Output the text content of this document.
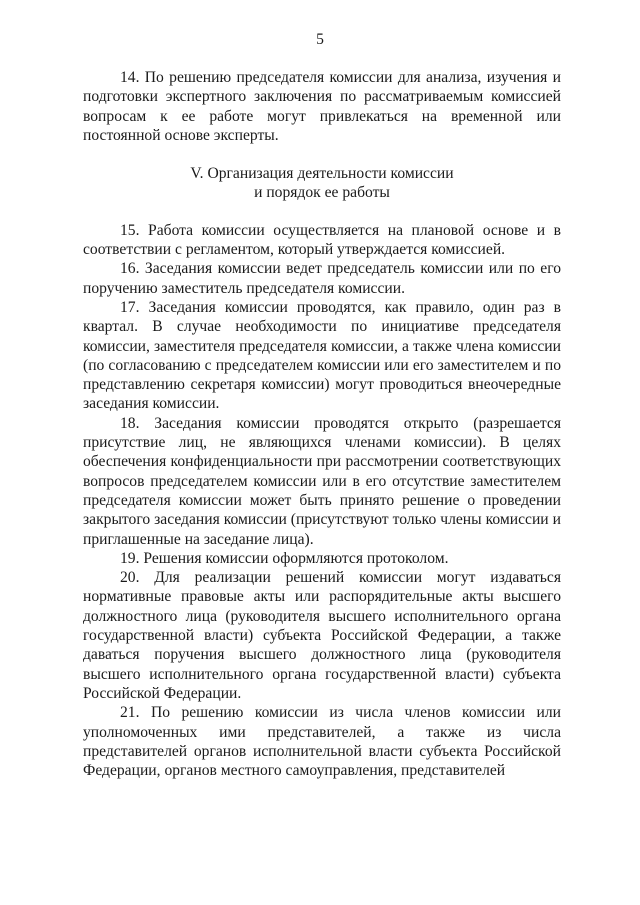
5

14. По решению председателя комиссии для анализа, изучения и подготовки экспертного заключения по рассматриваемым комиссией вопросам к ее работе могут привлекаться на временной или постоянной основе эксперты.

V. Организация деятельности комиссии
и порядок ее работы

15. Работа комиссии осуществляется на плановой основе и в соответствии с регламентом, который утверждается комиссией.

16. Заседания комиссии ведет председатель комиссии или по его поручению заместитель председателя комиссии.

17. Заседания комиссии проводятся, как правило, один раз в квартал. В случае необходимости по инициативе председателя комиссии, заместителя председателя комиссии, а также члена комиссии (по согласованию с председателем комиссии или его заместителем и по представлению секретаря комиссии) могут проводиться внеочередные заседания комиссии.

18. Заседания комиссии проводятся открыто (разрешается присутствие лиц, не являющихся членами комиссии). В целях обеспечения конфиденциальности при рассмотрении соответствующих вопросов председателем комиссии или в его отсутствие заместителем председателя комиссии может быть принято решение о проведении закрытого заседания комиссии (присутствуют только члены комиссии и приглашенные на заседание лица).

19. Решения комиссии оформляются протоколом.

20. Для реализации решений комиссии могут издаваться нормативные правовые акты или распорядительные акты высшего должностного лица (руководителя высшего исполнительного органа государственной власти) субъекта Российской Федерации, а также даваться поручения высшего должностного лица (руководителя высшего исполнительного органа государственной власти) субъекта Российской Федерации.

21. По решению комиссии из числа членов комиссии или уполномоченных ими представителей, а также из числа представителей органов исполнительной власти субъекта Российской Федерации, органов местного самоуправления, представителей
